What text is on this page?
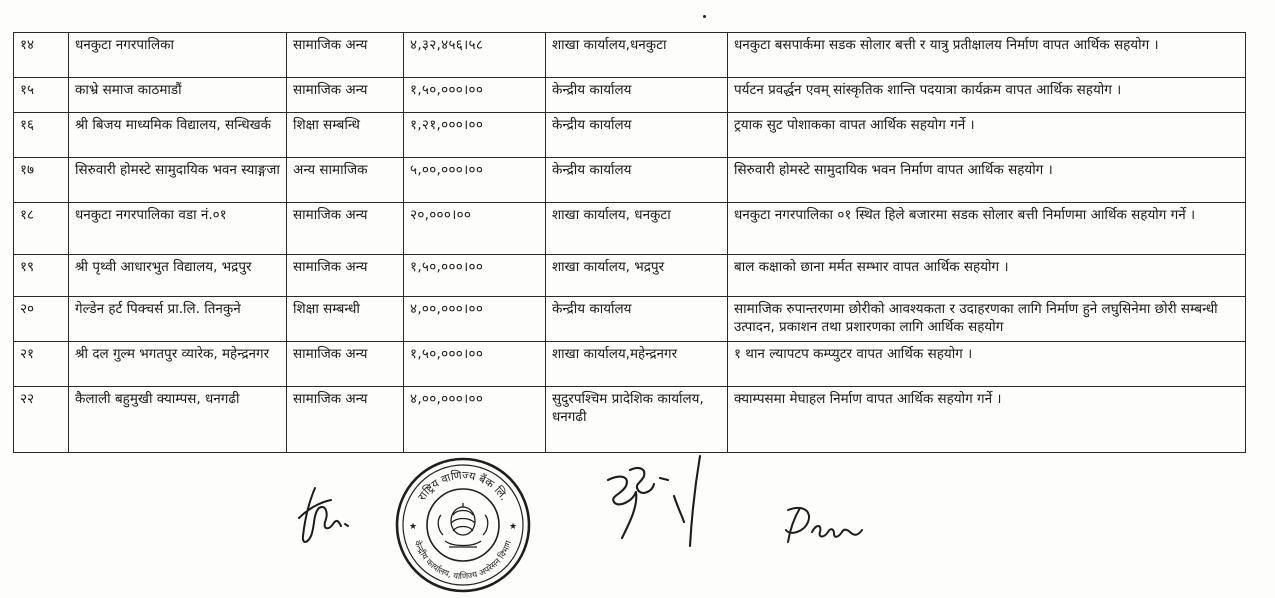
१४	धनकुटा नगरपालिका	सामाजिक अन्य	४,३२,४५६।५८	शाखा कार्यालय,धनकुटा	धनकुटा बसपार्कमा सडक सोलार बत्ती र यात्रु प्रतीक्षालय निर्माण वापत आर्थिक सहयोग ।
१५	काभ्रे समाज काठमाडौं	सामाजिक अन्य	१,५०,०००।००	केन्द्रीय कार्यालय	पर्यटन प्रवर्द्धन एवम् सांस्कृतिक शान्ति पदयात्रा कार्यक्रम वापत आर्थिक सहयोग ।
१६	श्री बिजय माध्यमिक विद्यालय, सन्धिखर्क	शिक्षा सम्बन्धि	१,२१,०००।००	केन्द्रीय कार्यालय	ट्रयाक सुट पोशाकका वापत आर्थिक सहयोग गर्ने ।
१७	सिरुवारी होमस्टे सामुदायिक भवन स्याङ्गजा	अन्य सामाजिक	५,००,०००।००	केन्द्रीय कार्यालय	सिरुवारी होमस्टे सामुदायिक भवन निर्माण वापत आर्थिक सहयोग ।
१८	धनकुटा नगरपालिका वडा नं.०१	सामाजिक अन्य	२०,०००।००	शाखा कार्यालय, धनकुटा	धनकुटा नगरपालिका ०१ स्थित हिले बजारमा सडक सोलार बत्ती निर्माणमा आर्थिक सहयोग गर्ने ।
१९	श्री पृथ्वी आधारभुत विद्यालय, भद्रपुर	सामाजिक अन्य	१,५०,०००।००	शाखा कार्यालय, भद्रपुर	बाल कक्षाको छाना मर्मत सम्भार वापत आर्थिक सहयोग ।
२०	गेल्डेन हर्ट पिक्चर्स प्रा.लि. तिनकुने	शिक्षा सम्बन्धी	४,००,०००।००	केन्द्रीय कार्यालय	सामाजिक रुपान्तरणमा छोरीको आवश्यकता र उदाहरणका लागि निर्माण हुने लघुसिनेमा छोरी सम्बन्धी उत्पादन, प्रकाशन तथा प्रशारणका लागि आर्थिक सहयोग
२१	श्री दल गुल्म भगतपुर व्यारेक, महेन्द्रनगर	सामाजिक अन्य	१,५०,०००।००	शाखा कार्यालय,महेन्द्रनगर	१ थान ल्यापटप कम्प्युटर वापत आर्थिक सहयोग ।
२२	कैलाली बहुमुखी क्याम्पस, धनगढी	सामाजिक अन्य	४,००,०००।००	सुदुरपश्चिम प्रादेशिक कार्यालय, धनगढी	क्याम्पसमा मेघाहल निर्माण वापत आर्थिक सहयोग गर्ने ।
राष्ट्रिय वाणिज्य बैंक लि.
केन्द्रीय कार्यालय, वाणिज्य अपरेसन विभाग
★	★
